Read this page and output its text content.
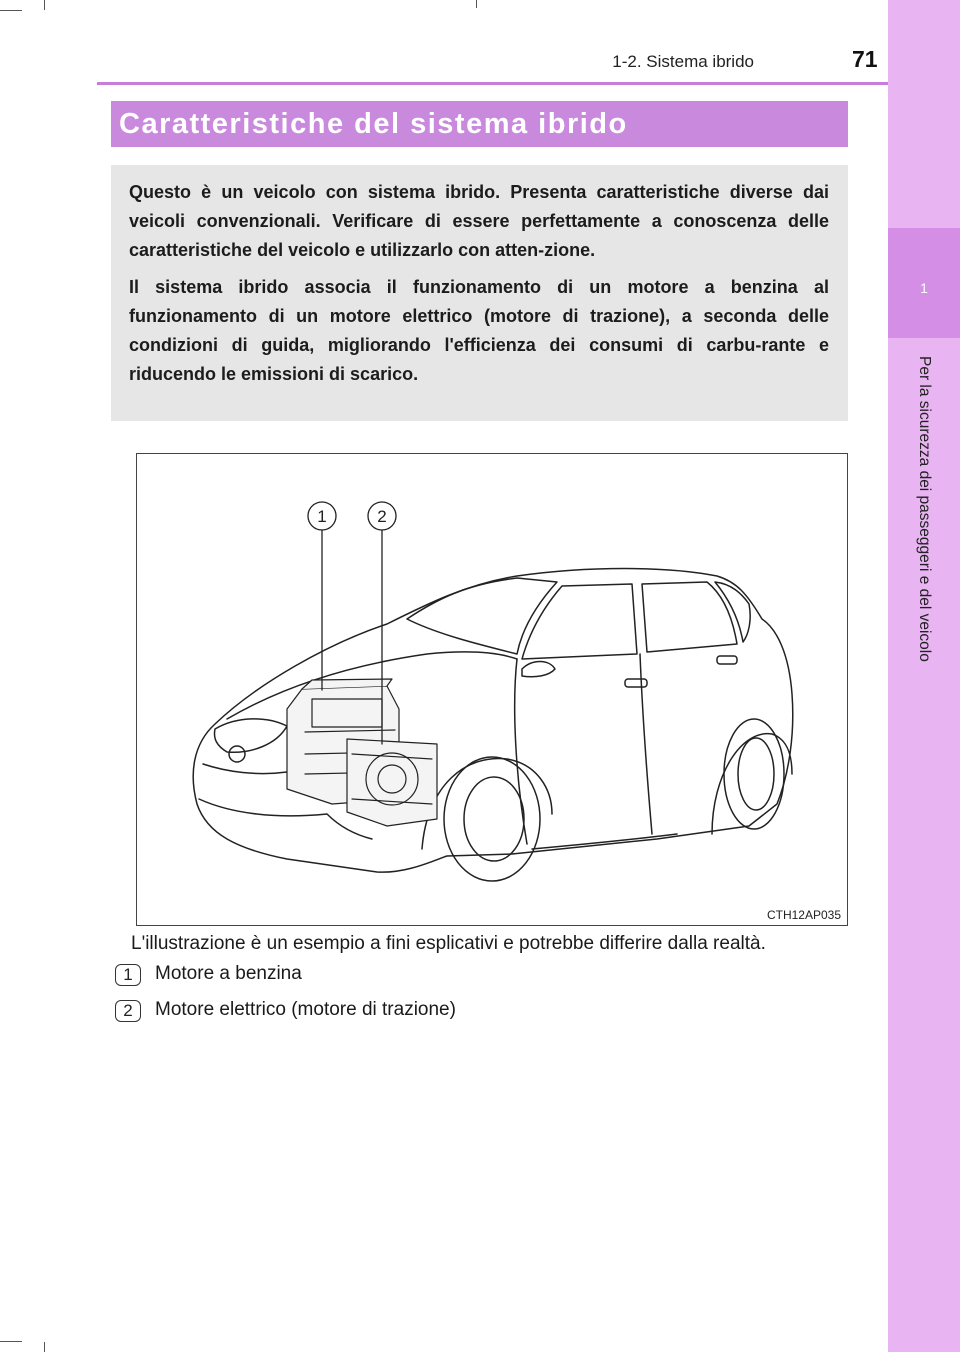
1
Per la sicurezza dei passeggeri e del veicolo
1-2. Sistema ibrido	71
Caratteristiche del sistema ibrido

Questo è un veicolo con sistema ibrido. Presenta caratteristiche diverse dai veicoli convenzionali. Verificare di essere perfettamente a conoscenza delle caratteristiche del veicolo e utilizzarlo con atten-zione.

Il sistema ibrido associa il funzionamento di un motore a benzina al funzionamento di un motore elettrico (motore di trazione), a seconda delle condizioni di guida, migliorando l'efficienza dei consumi di carbu-rante e riducendo le emissioni di scarico.

1	2
CTH12AP035
L'illustrazione è un esempio a fini esplicativi e potrebbe differire dalla realtà.
1	Motore a benzina
2	Motore elettrico (motore di trazione)
